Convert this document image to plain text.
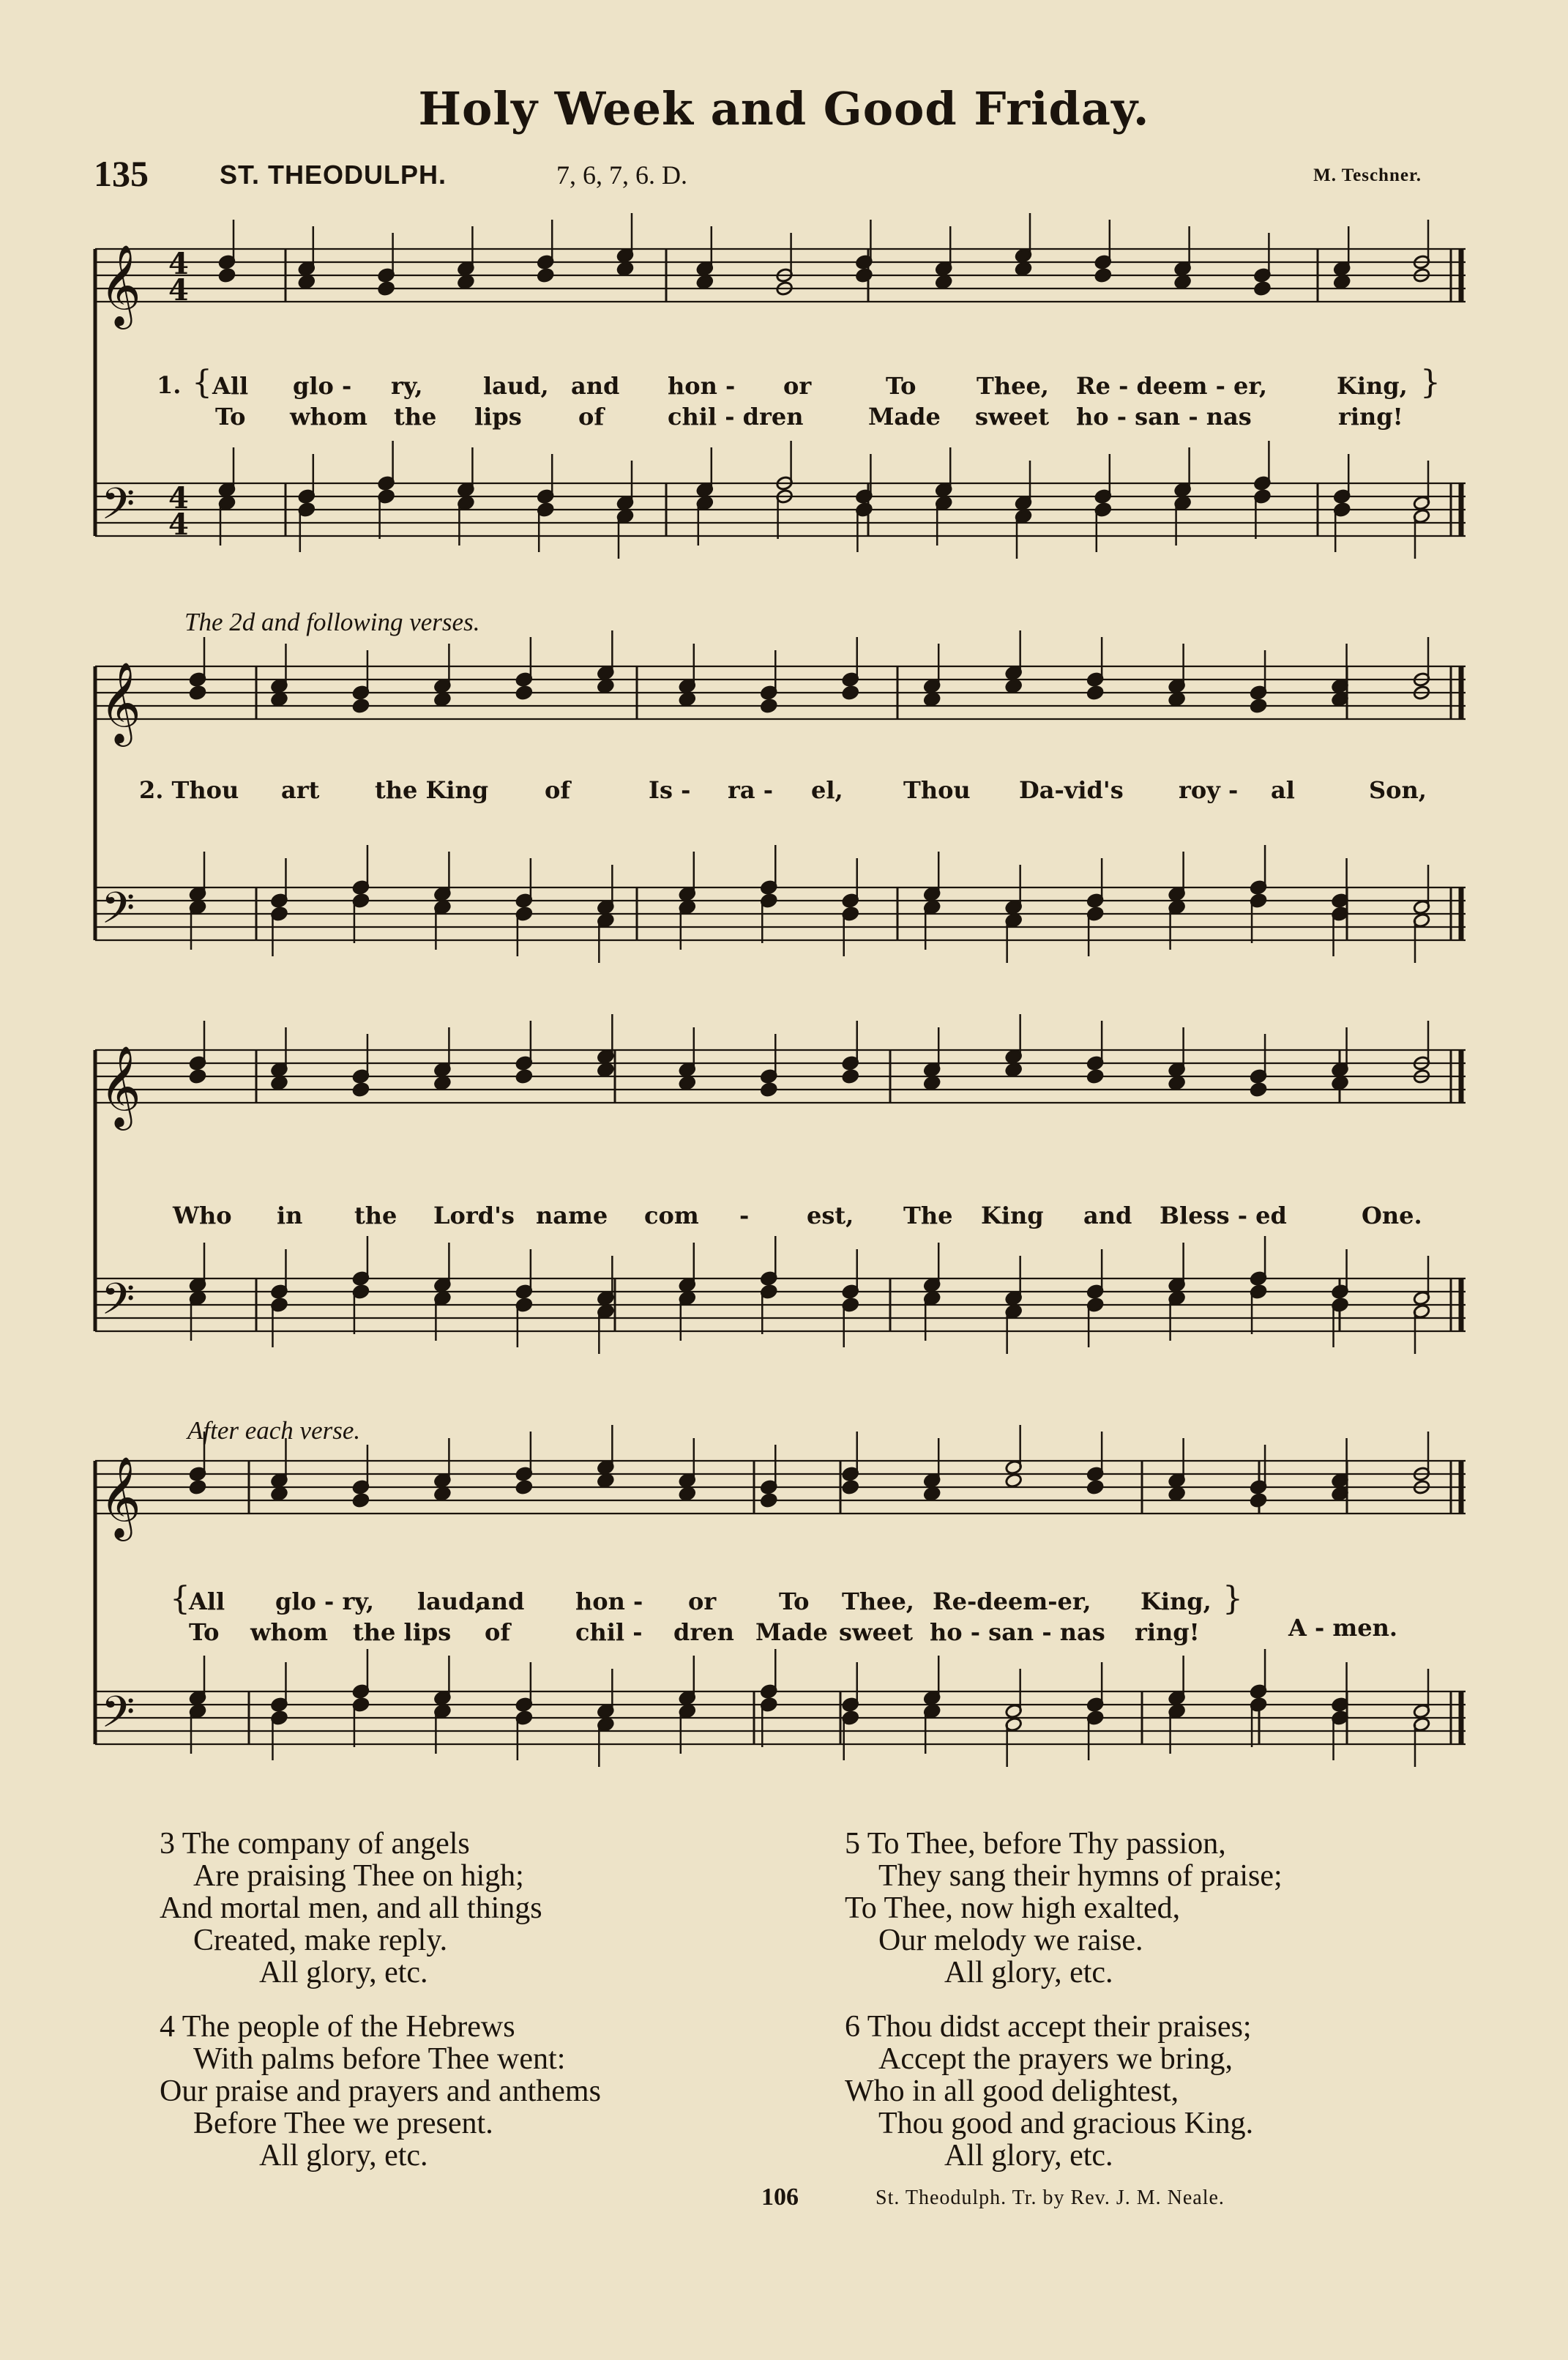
Holy Week and Good Friday.
135	ST. THEODULPH.	7, 6, 7, 6. D.	M. Teschner.
𝄞
𝄢
4
4
4
4
𝄞
𝄢
𝄞
𝄢
𝄞
𝄢
1. {	}
All glo - ry,	laud, and hon - or	To	Thee, Re - deem - er,	King,
To whom the lips of	chil - dren	Made sweet ho - san - nas	ring!
The 2d and following verses.
2. Thou art the King of	Is - ra - el,	Thou Da-vid's roy - al	Son,
Who in the Lord's name com - est, The King and Bless - ed	One.
After each verse.
{	}
All glo - ry, laud,
and hon - or	To Thee, Re-deem-er, King,
To whom the lips of	chil - dren Made sweet ho - san - nas ring!	A - men.
3 The company of angels
Are praising Thee on high;
And mortal men, and all things
Created, make reply.
All glory, etc.
4 The people of the Hebrews
With palms before Thee went:
Our praise and prayers and anthems
Before Thee we present.
All glory, etc.
5 To Thee, before Thy passion,
They sang their hymns of praise;
To Thee, now high exalted,
Our melody we raise.
All glory, etc.
6 Thou didst accept their praises;
Accept the prayers we bring,
Who in all good delightest,
Thou good and gracious King.
All glory, etc.
106	St. Theodulph. Tr. by Rev. J. M. Neale.
